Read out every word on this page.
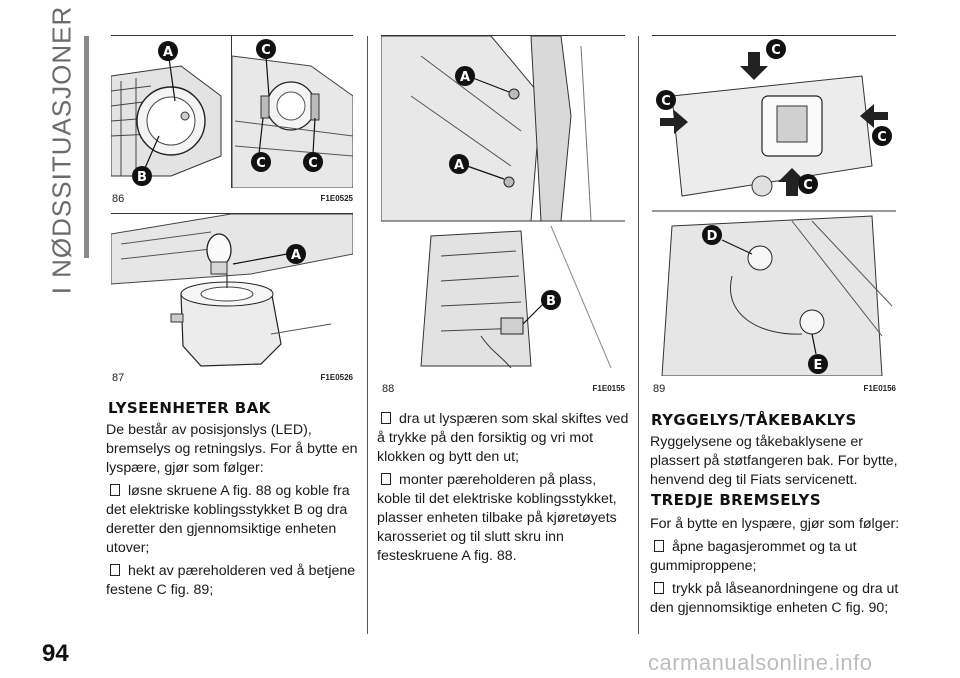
I NØDSSITUASJONER	A
B
C
C	C
86	F1E0525
A
87	F1E0526
A
A
B
88	F1E0155
C
C
C
C
D
E
89	F1E0156
LYSEENHETER BAK

De består av posisjonslys (LED), bremselys og retningslys. For å bytte en lyspære, gjør som følger:

løsne skruene A fig. 88 og koble fra det elektriske koblingsstykket B og dra deretter den gjennomsiktige enheten utover;

hekt av pæreholderen ved å betjene festene C fig. 89;

dra ut lyspæren som skal skiftes ved å trykke på den forsiktig og vri mot klokken og bytt den ut;

monter pæreholderen på plass, koble til det elektriske koblingsstykket, plasser enheten tilbake på kjøretøyets karosseriet og til slutt skru inn festeskruene A fig. 88.

RYGGELYS/TÅKEBAKLYS
Ryggelysene og tåkebaklysene er plassert på støtfangeren bak. For bytte, henvend deg til Fiats servicenett.
TREDJE BREMSELYS

For å bytte en lyspære, gjør som følger:

åpne bagasjerommet og ta ut gummiproppene;

trykk på låseanordningene og dra ut den gjennomsiktige enheten C fig. 90;

94	carmanualsonline.info
